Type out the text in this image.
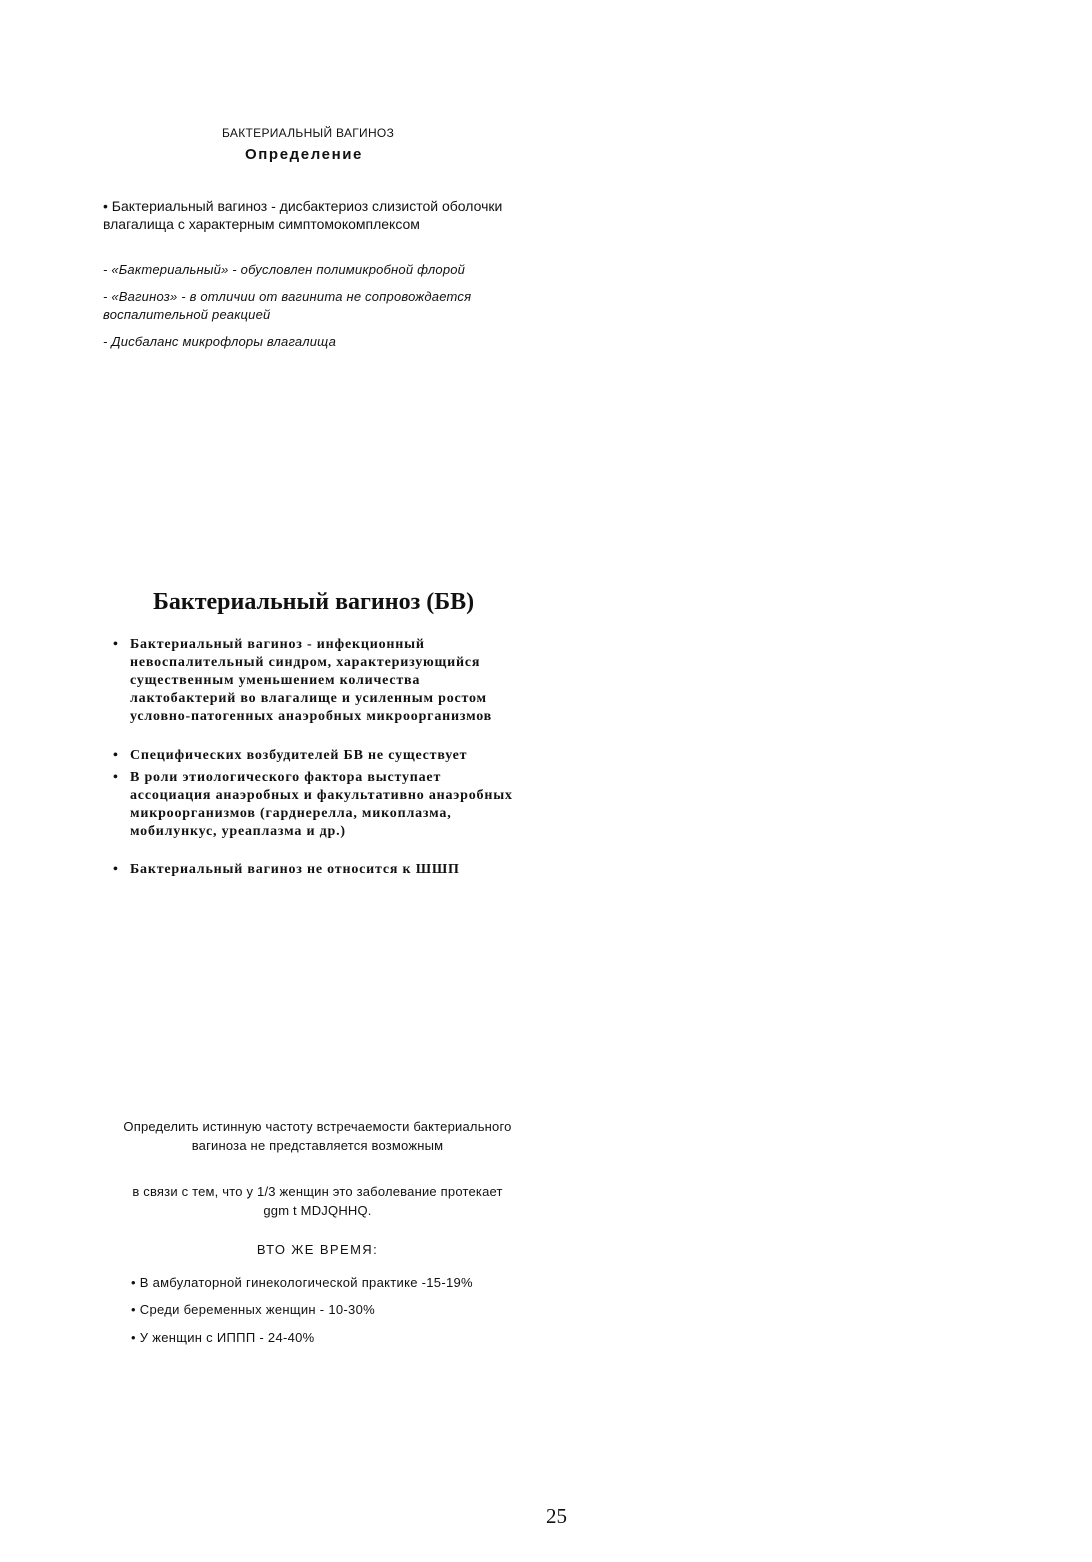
БАКТЕРИАЛЬНЫЙ ВАГИНОЗ
Определение

• Бактериальный вагиноз - дисбактериоз слизистой оболочки влагалища с характерным симптомокомплексом

- «Бактериальный» - обусловлен полимикробной флорой

- «Вагиноз» - в отличии от вагинита не сопровождается воспалительной реакцией

- Дисбаланс микрофлоры влагалища

Бактериальный вагиноз (БВ)
• Бактериальный вагиноз - инфекционный невоспалительный синдром, характеризующийся существенным уменьшением количества лактобактерий во влагалище и усиленным ростом условно-патогенных анаэробных микроорганизмов
• Специфических возбудителей БВ не существует
• В роли этиологического фактора выступает ассоциация анаэробных и факультативно анаэробных микроорганизмов (гарднерелла, микоплазма, мобилункус, уреаплазма и др.)
• Бактериальный вагиноз не относится к ШШП

Определить истинную частоту встречаемости бактериального вагиноза не представляется возможным

в связи с тем, что у 1/3 женщин это заболевание протекает ggm t MDJQHHQ.

ВТО ЖЕ ВРЕМЯ:

• В амбулаторной гинекологической практике -15-19%
• Среди беременных женщин - 10-30%
• У женщин с ИППП - 24-40%
25
